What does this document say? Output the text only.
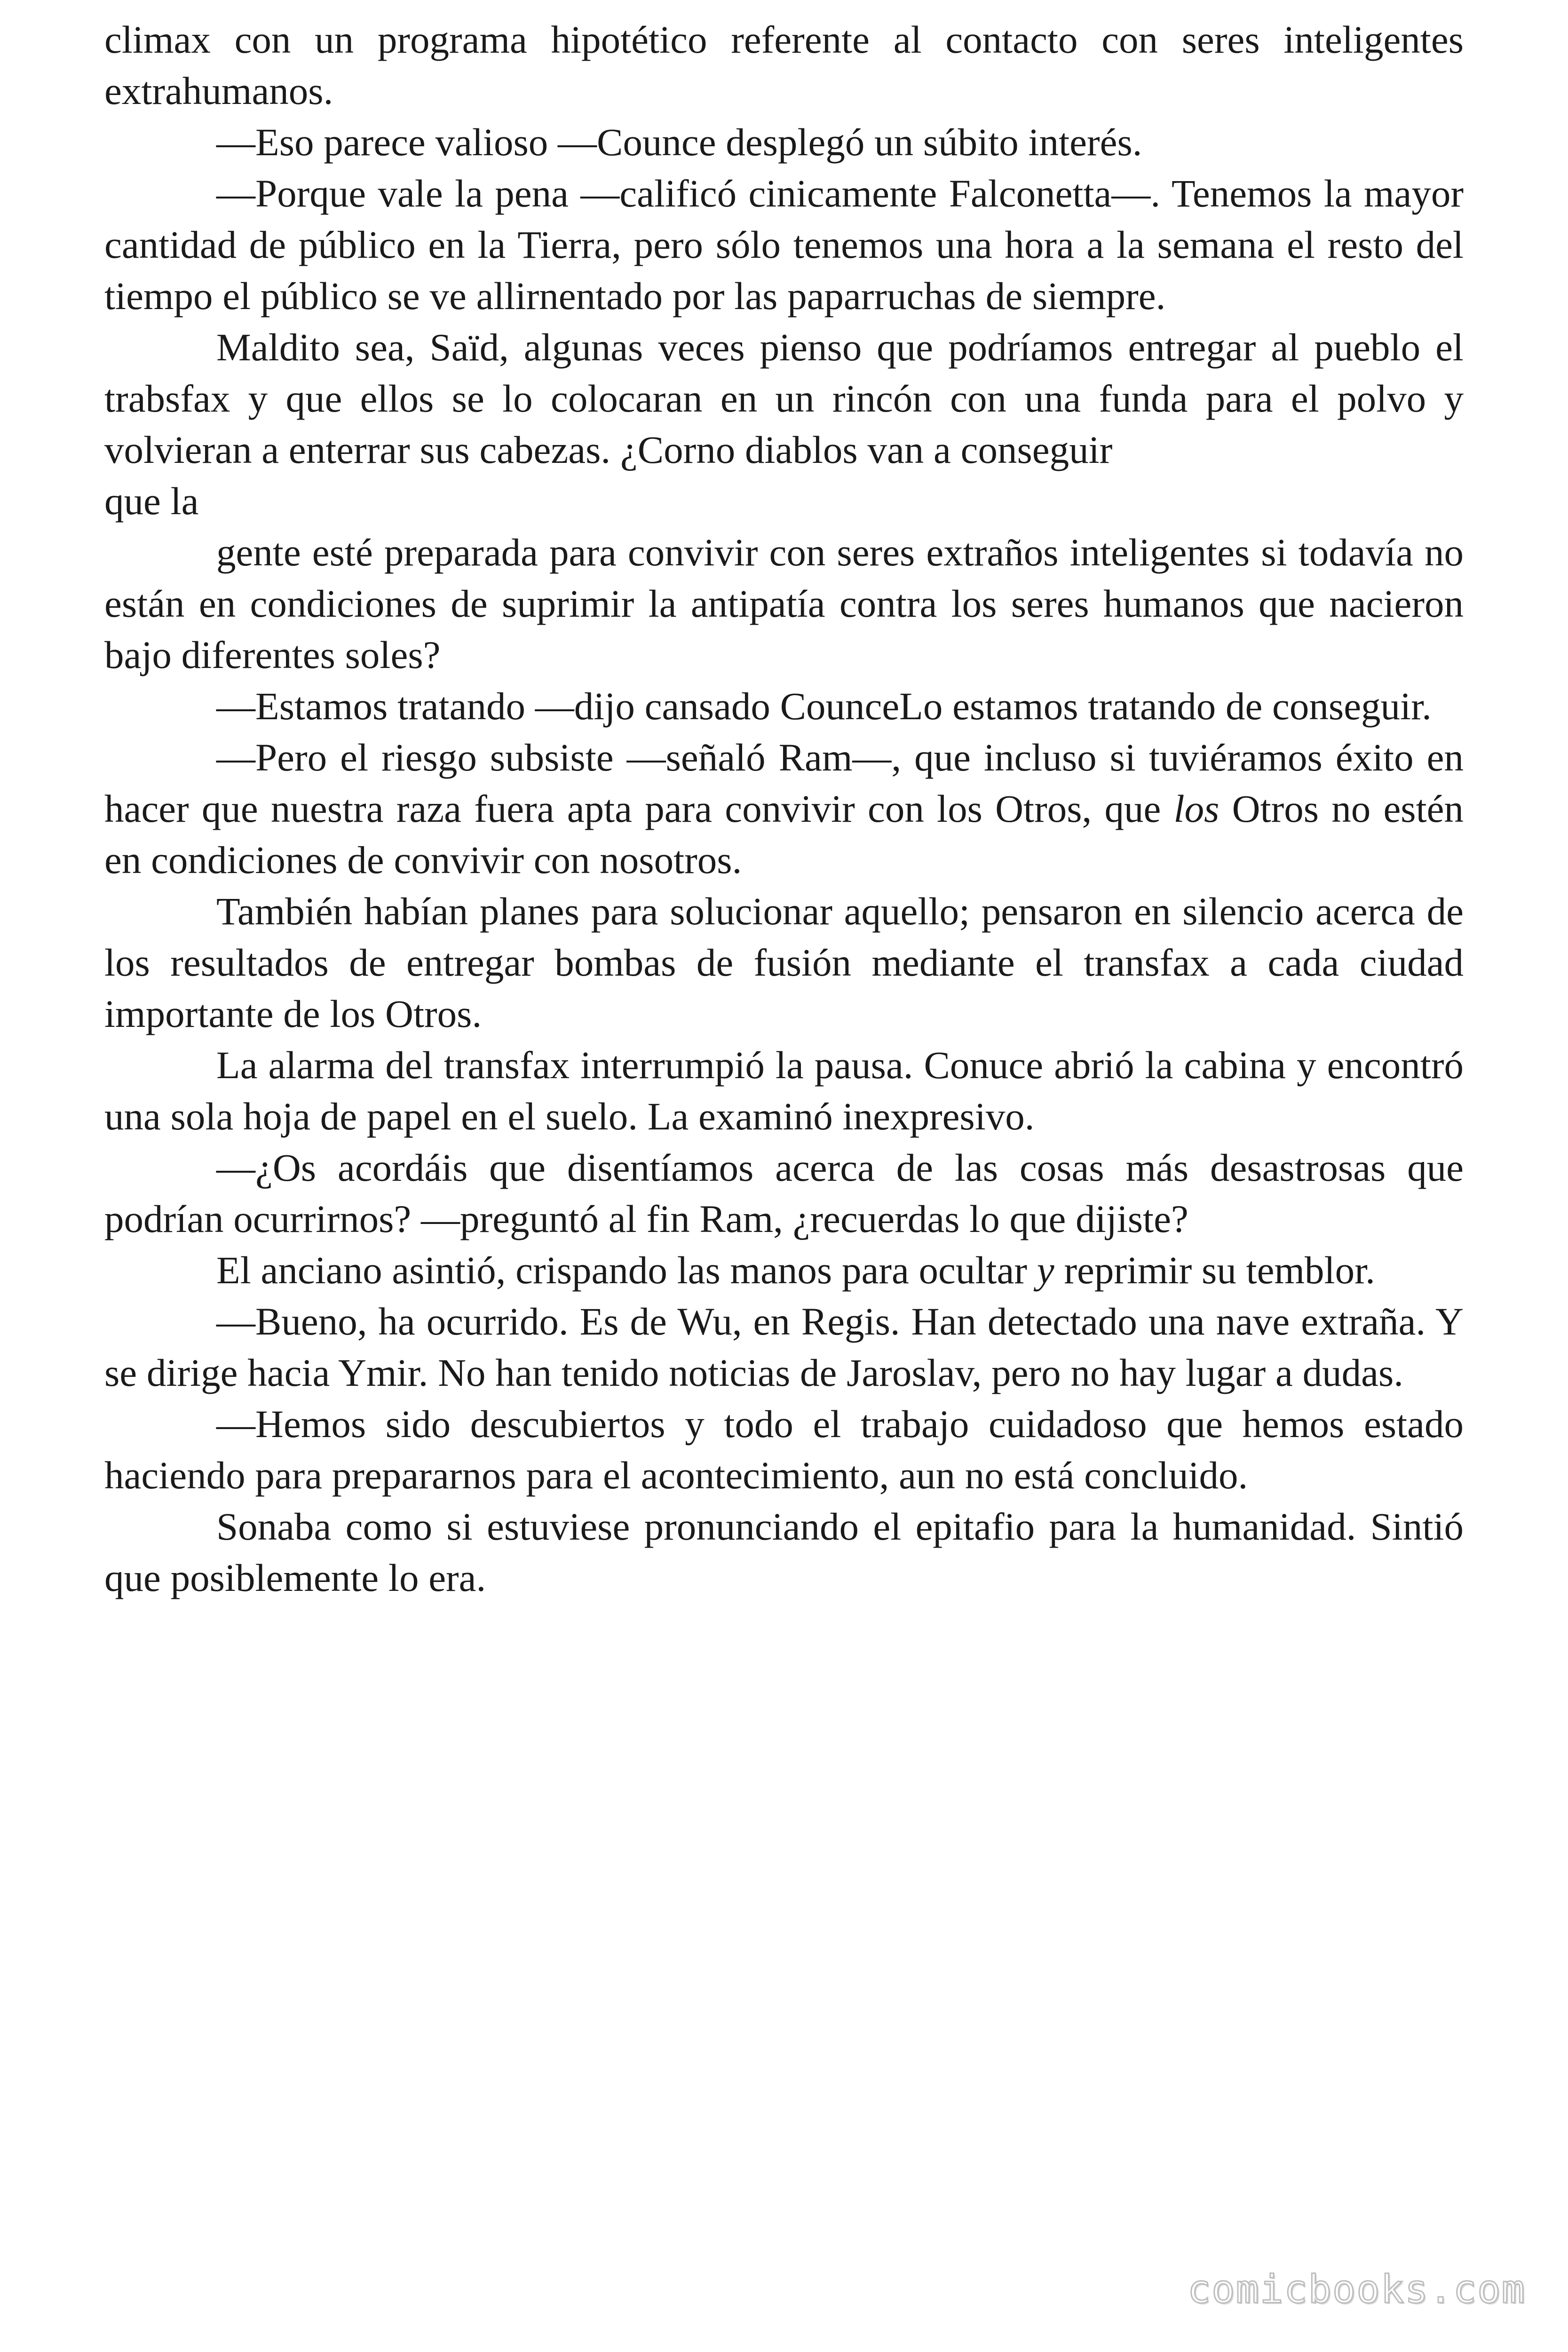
climax con un programa hipotético referente al contacto con seres inteligentes extrahumanos.

—Eso parece valioso —Counce desplegó un súbito interés.

—Porque vale la pena —calificó cinicamente Falconetta—. Tenemos la mayor cantidad de público en la Tierra, pero sólo tenemos una hora a la semana el resto del tiempo el público se ve allirnentado por las paparruchas de siempre.

Maldito sea, Saïd, algunas veces pienso que podríamos entregar al pueblo el trabsfax y que ellos se lo colocaran en un rincón con una funda para el polvo y volvieran a enterrar sus cabezas. ¿Corno diablos van a conseguir

que la

gente esté preparada para convivir con seres extraños inteligentes si todavía no están en condiciones de suprimir la antipatía contra los seres humanos que nacieron bajo diferentes soles?

—Estamos tratando —dijo cansado CounceLo estamos tratando de conseguir.

—Pero el riesgo subsiste —señaló Ram—, que incluso si tuviéramos éxito en hacer que nuestra raza fuera apta para convivir con los Otros, que los Otros no estén en condiciones de convivir con nosotros.

También habían planes para solucionar aquello; pensaron en silencio acerca de los resultados de entregar bombas de fusión mediante el transfax a cada ciudad importante de los Otros.

La alarma del transfax interrumpió la pausa. Conuce abrió la cabina y encontró una sola hoja de papel en el suelo. La examinó inexpresivo.

—¿Os acordáis que disentíamos acerca de las cosas más desastrosas que podrían ocurrirnos? —preguntó al fin Ram, ¿recuerdas lo que dijiste?

El anciano asintió, crispando las manos para ocultar y reprimir su temblor.

—Bueno, ha ocurrido. Es de Wu, en Regis. Han detectado una nave extraña. Y se dirige hacia Ymir. No han tenido noticias de Jaroslav, pero no hay lugar a dudas.

—Hemos sido descubiertos y todo el trabajo cuidadoso que hemos estado haciendo para prepararnos para el acontecimiento, aun no está concluido.

Sonaba como si estuviese pronunciando el epitafio para la humanidad. Sintió que posiblemente lo era.

comicbooks.com
